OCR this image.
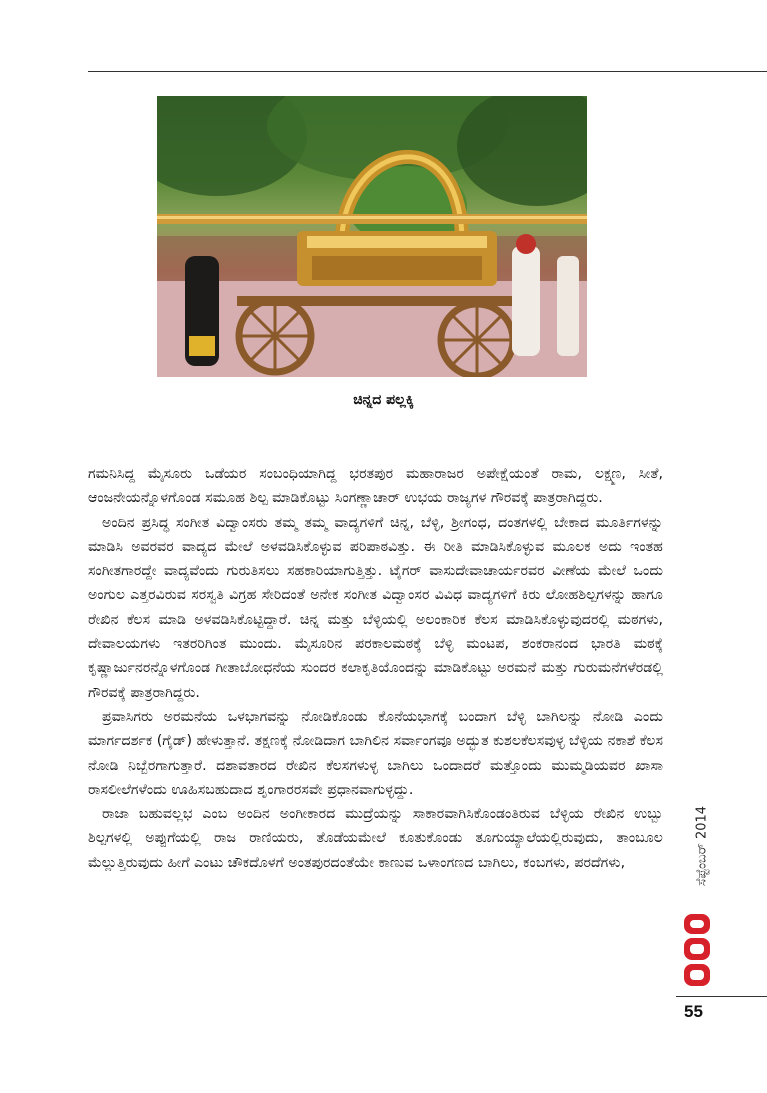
ಚಿನ್ನದ ಪಲ್ಲಕ್ಕಿ

ಗಮನಿಸಿದ್ದ ಮೈಸೂರು ಒಡೆಯರ ಸಂಬಂಧಿಯಾಗಿದ್ದ ಭರತಪುರ ಮಹಾರಾಜರ ಅಪೇಕ್ಷೆಯಂತೆ ರಾಮ, ಲಕ್ಷ್ಮಣ, ಸೀತೆ, ಆಂಜನೇಯನ್ನೊಳಗೊಂಡ ಸಮೂಹ ಶಿಲ್ಪ ಮಾಡಿಕೊಟ್ಟು ಸಿಂಗಣ್ಣಾಚಾರ್ ಉಭಯ ರಾಜ್ಯಗಳ ಗೌರವಕ್ಕೆ ಪಾತ್ರರಾಗಿದ್ದರು.

ಅಂದಿನ ಪ್ರಸಿದ್ಧ ಸಂಗೀತ ವಿದ್ವಾಂಸರು ತಮ್ಮ ತಮ್ಮ ವಾದ್ಯಗಳಿಗೆ ಚಿನ್ನ, ಬೆಳ್ಳಿ, ಶ್ರೀಗಂಧ, ದಂತಗಳಲ್ಲಿ ಬೇಕಾದ ಮೂರ್ತಿಗಳನ್ನು ಮಾಡಿಸಿ ಅವರವರ ವಾದ್ಯದ ಮೇಲೆ ಅಳವಡಿಸಿಕೊಳ್ಳುವ ಪರಿಪಾಠವಿತ್ತು. ಈ ರೀತಿ ಮಾಡಿಸಿಕೊಳ್ಳುವ ಮೂಲಕ ಅದು ಇಂತಹ ಸಂಗೀತಗಾರದ್ದೇ ವಾದ್ಯವೆಂದು ಗುರುತಿಸಲು ಸಹಕಾರಿಯಾಗುತ್ತಿತ್ತು. ಟೈಗರ್ ವಾಸುದೇವಾಚಾರ್ಯರವರ ವೀಣೆಯ ಮೇಲೆ ಒಂದು ಅಂಗುಲ ಎತ್ತರವಿರುವ ಸರಸ್ವತಿ ವಿಗ್ರಹ ಸೇರಿದಂತೆ ಅನೇಕ ಸಂಗೀತ ವಿದ್ವಾಂಸರ ವಿವಿಧ ವಾದ್ಯಗಳಿಗೆ ಕಿರು ಲೋಹಶಿಲ್ಪಗಳನ್ನು ಹಾಗೂ ರೇಖಿನ ಕೆಲಸ ಮಾಡಿ ಅಳವಡಿಸಿಕೊಟ್ಟಿದ್ದಾರೆ. ಚಿನ್ನ ಮತ್ತು ಬೆಳ್ಳಿಯಲ್ಲಿ ಅಲಂಕಾರಿಕ ಕೆಲಸ ಮಾಡಿಸಿಕೊಳ್ಳುವುದರಲ್ಲಿ ಮಠಗಳು, ದೇವಾಲಯಗಳು ಇತರರಿಗಿಂತ ಮುಂದು. ಮೈಸೂರಿನ ಪರಕಾಲಮಠಕ್ಕೆ ಬೆಳ್ಳಿ ಮಂಟಪ, ಶಂಕರಾನಂದ ಭಾರತಿ ಮಠಕ್ಕೆ ಕೃಷ್ಣಾರ್ಜುನರನ್ನೊಳಗೊಂಡ ಗೀತಾಬೋಧನೆಯ ಸುಂದರ ಕಲಾಕೃತಿಯೊಂದನ್ನು ಮಾಡಿಕೊಟ್ಟು ಅರಮನೆ ಮತ್ತು ಗುರುಮನೆಗಳೆರಡಲ್ಲಿ ಗೌರವಕ್ಕೆ ಪಾತ್ರರಾಗಿದ್ದರು.

ಪ್ರವಾಸಿಗರು ಅರಮನೆಯ ಒಳಭಾಗವನ್ನು ನೋಡಿಕೊಂಡು ಕೊನೆಯಭಾಗಕ್ಕೆ ಬಂದಾಗ ಬೆಳ್ಳಿ ಬಾಗಿಲನ್ನು ನೋಡಿ ಎಂದು ಮಾರ್ಗದರ್ಶಕ (ಗೈಡ್) ಹೇಳುತ್ತಾನೆ. ತಕ್ಷಣಕ್ಕೆ ನೋಡಿದಾಗ ಬಾಗಿಲಿನ ಸರ್ವಾಂಗವೂ ಅದ್ಭುತ ಕುಶಲಕೆಲಸವುಳ್ಳ ಬೆಳ್ಳಿಯ ನಕಾಶೆ ಕೆಲಸ ನೋಡಿ ನಿಬ್ಬೆರಗಾಗುತ್ತಾರೆ. ದಶಾವತಾರದ ರೇಖಿನ ಕೆಲಸಗಳುಳ್ಳ ಬಾಗಿಲು ಒಂದಾದರೆ ಮತ್ತೊಂದು ಮುಮ್ಮಡಿಯವರ ಖಾಸಾ ರಾಸಲೀಲೆಗಳೆಂದು ಊಹಿಸಬಹುದಾದ ಶೃಂಗಾರರಸವೇ ಪ್ರಧಾನವಾಗುಳ್ಳದ್ದು.

ರಾಜಾ ಬಹುವಲ್ಲಭ ಎಂಬ ಅಂದಿನ ಅಂಗೀಕಾರದ ಮುದ್ರೆಯನ್ನು ಸಾಕಾರವಾಗಿಸಿಕೊಂಡಂತಿರುವ ಬೆಳ್ಳಿಯ ರೇಖಿನ ಉಬ್ಬು ಶಿಲ್ಪಗಳಲ್ಲಿ ಅಪ್ಪುಗೆಯಲ್ಲಿ ರಾಜ ರಾಣಿಯರು, ತೊಡೆಯಮೇಲೆ ಕೂತುಕೊಂಡು ತೂಗುಯ್ಯಾಲೆಯಲ್ಲಿರುವುದು, ತಾಂಬೂಲ ಮೆಲ್ಲುತ್ತಿರುವುದು ಹೀಗೆ ಎಂಟು ಚೌಕದೊಳಗೆ ಅಂತಪುರದಂತೆಯೇ ಕಾಣುವ ಒಳಾಂಗಣದ ಬಾಗಿಲು, ಕಂಬಗಳು, ಪರದೆಗಳು,	ಸೆಪ್ಟೆಂಬರ್ 2014
55
